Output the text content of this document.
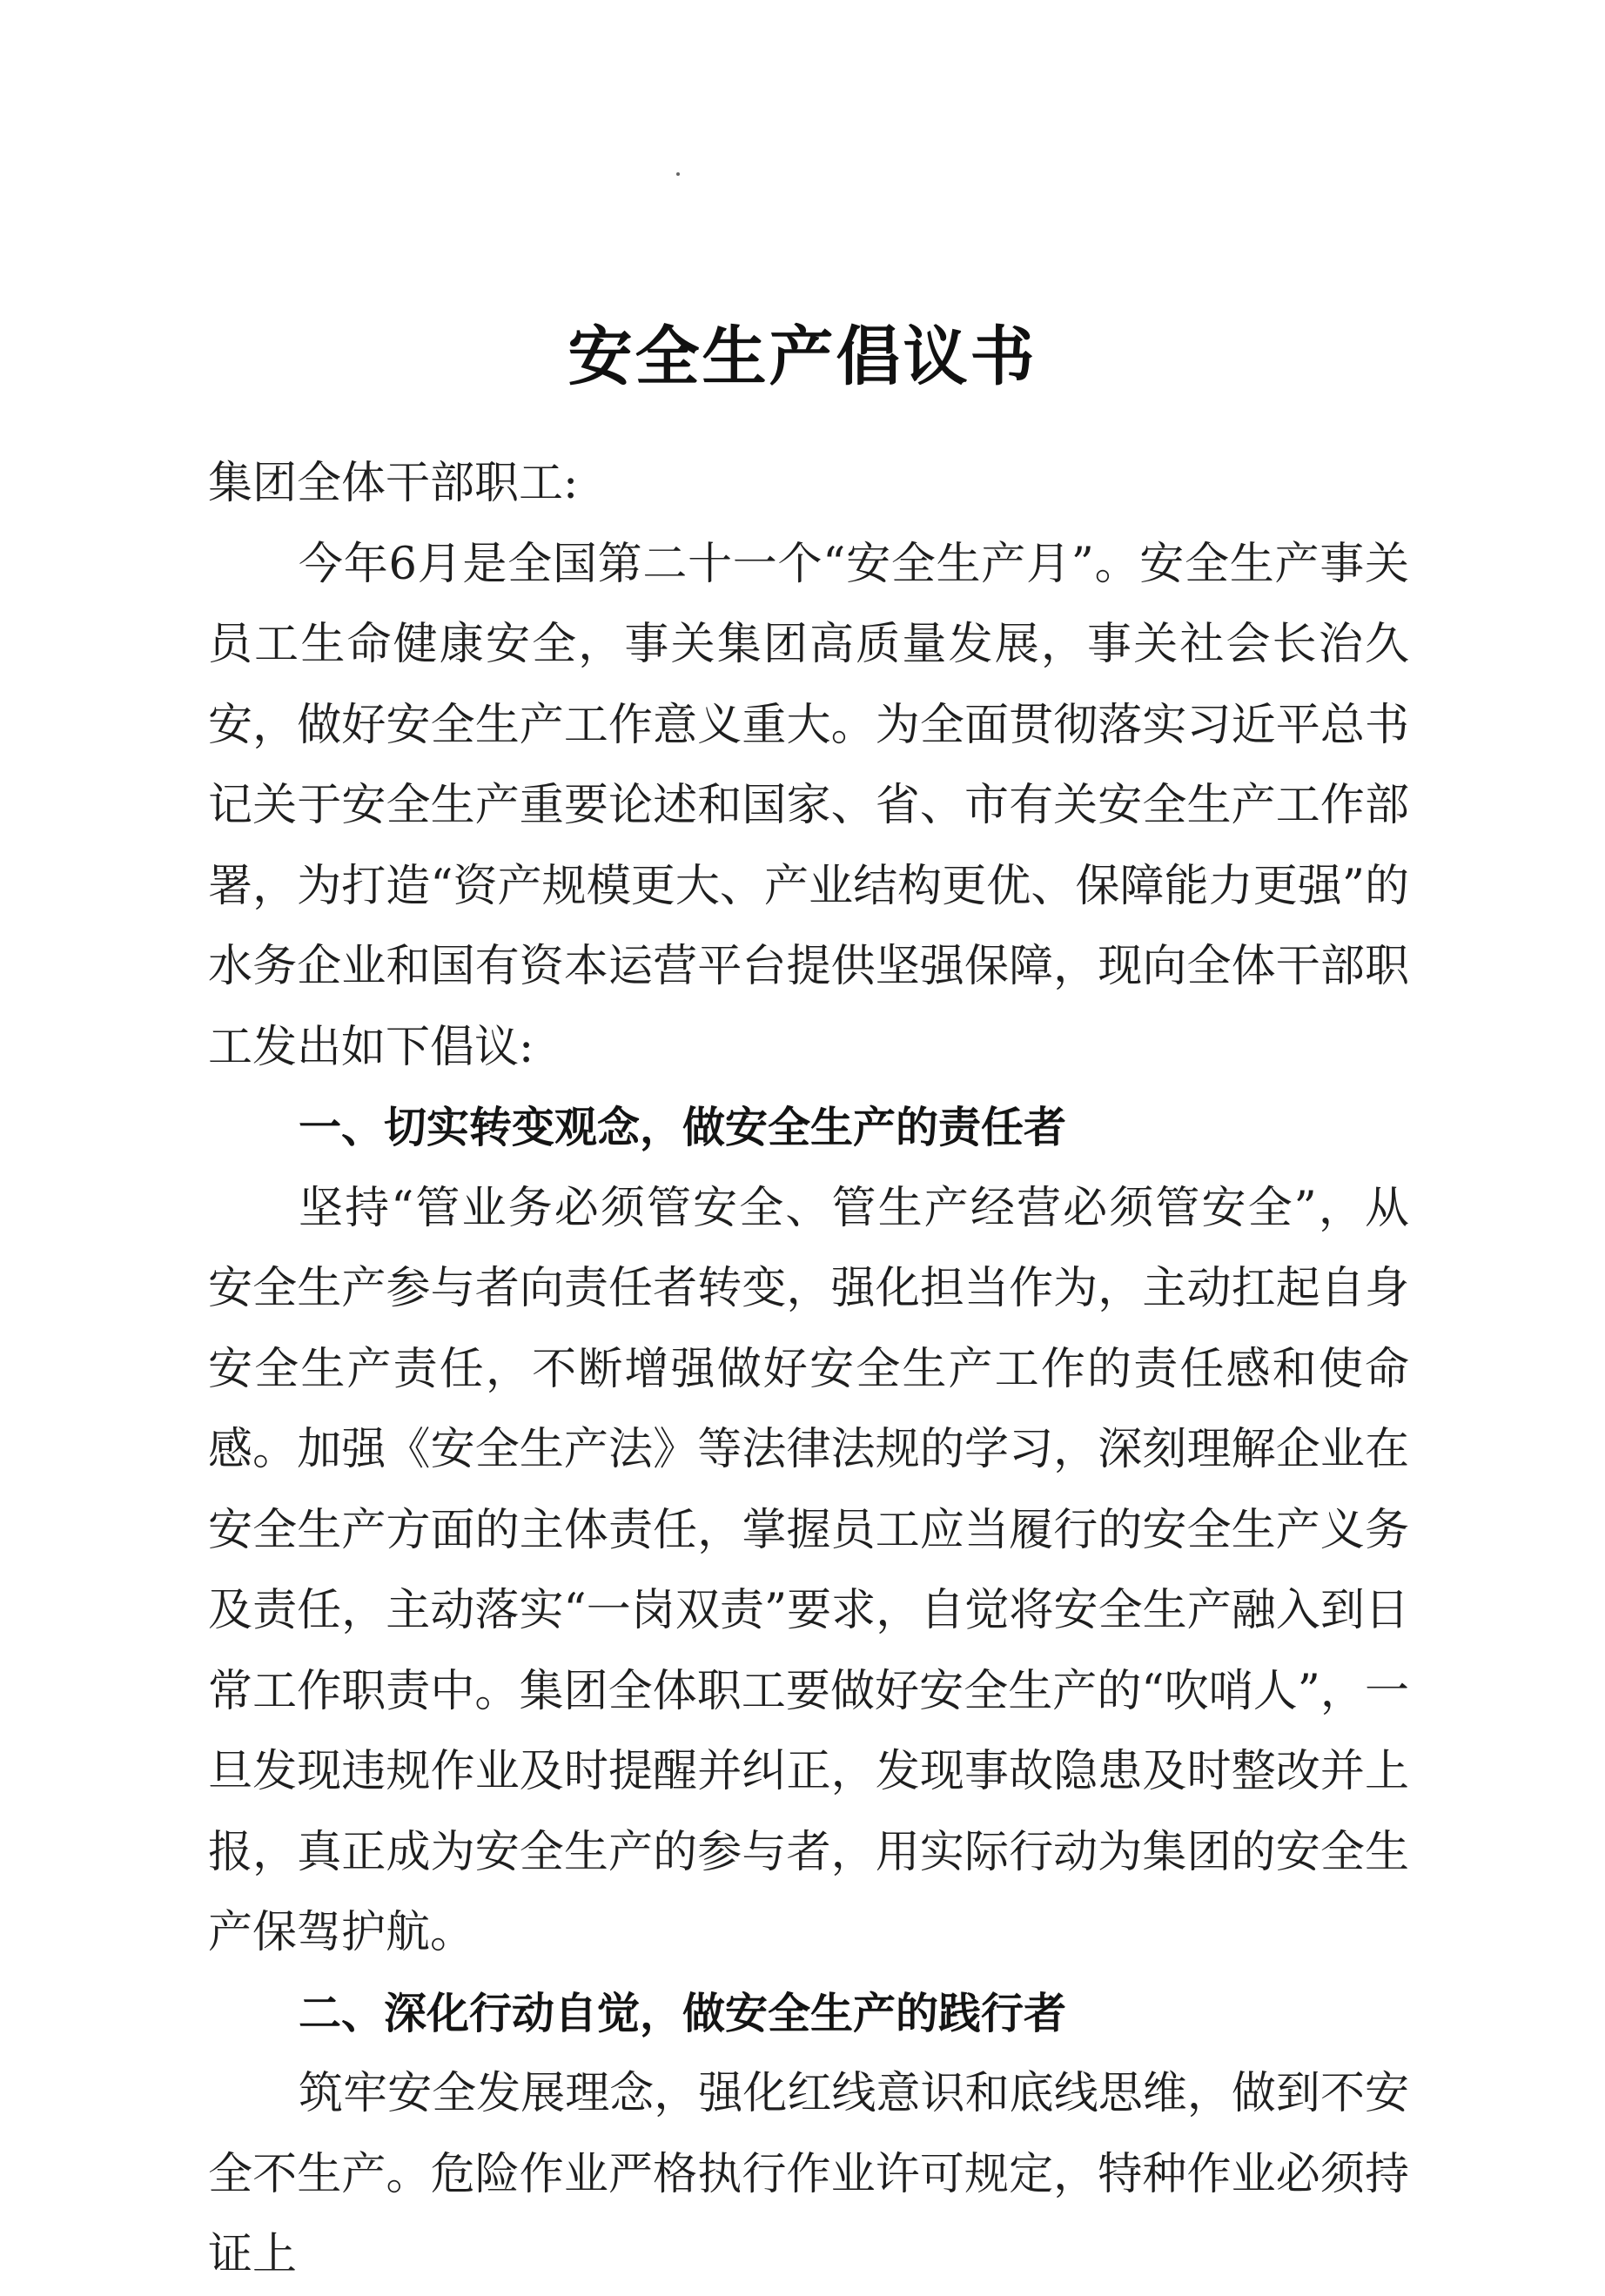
安全生产倡议书

集团全体干部职工:

今年6月是全国第二十一个“安全生产月”。安全生产事关员工生命健康安全，事关集团高质量发展，事关社会长治久安，做好安全生产工作意义重大。为全面贯彻落实习近平总书记关于安全生产重要论述和国家、省、市有关安全生产工作部署，为打造“资产规模更大、产业结构更优、保障能力更强”的水务企业和国有资本运营平台提供坚强保障，现向全体干部职工发出如下倡议:

一、切实转变观念，做安全生产的责任者

坚持“管业务必须管安全、管生产经营必须管安全”，从安全生产参与者向责任者转变，强化担当作为，主动扛起自身安全生产责任，不断增强做好安全生产工作的责任感和使命感。加强《安全生产法》等法律法规的学习，深刻理解企业在安全生产方面的主体责任，掌握员工应当履行的安全生产义务及责任，主动落实“一岗双责”要求，自觉将安全生产融入到日常工作职责中。集团全体职工要做好安全生产的“吹哨人”，一旦发现违规作业及时提醒并纠正，发现事故隐患及时整改并上报，真正成为安全生产的参与者，用实际行动为集团的安全生产保驾护航。

二、深化行动自觉，做安全生产的践行者

筑牢安全发展理念，强化红线意识和底线思维，做到不安全不生产。危险作业严格执行作业许可规定，特种作业必须持证上
